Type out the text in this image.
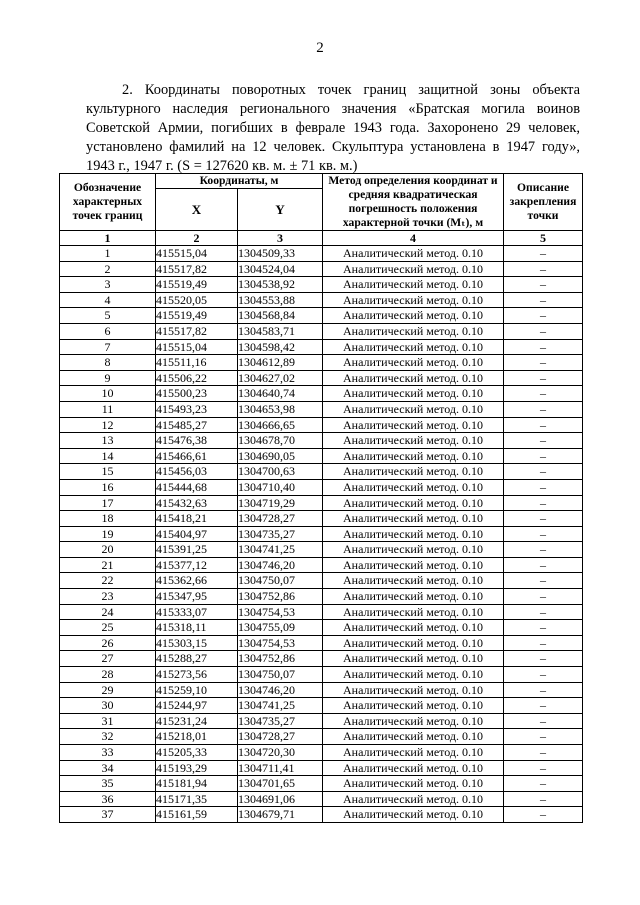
2

2. Координаты поворотных точек границ защитной зоны объекта культурного наследия регионального значения «Братская могила воинов Советской Армии, погибших в феврале 1943 года. Захоронено 29 человек, установлено фамилий на 12 человек. Скульптура установлена в 1947 году», 1943 г., 1947 г. (S = 127620 кв. м. ± 71 кв. м.)

Обозначение характерных точек границ	Координаты, м		Метод определения координат и средняя квадратическая погрешность положения характерной точки (Mₜ), м	Описание закрепления точки
	X	Y		
1	2	3	4	5
1	415515,04	1304509,33	Аналитический метод. 0.10	–
2	415517,82	1304524,04	Аналитический метод. 0.10	–
3	415519,49	1304538,92	Аналитический метод. 0.10	–
4	415520,05	1304553,88	Аналитический метод. 0.10	–
5	415519,49	1304568,84	Аналитический метод. 0.10	–
6	415517,82	1304583,71	Аналитический метод. 0.10	–
7	415515,04	1304598,42	Аналитический метод. 0.10	–
8	415511,16	1304612,89	Аналитический метод. 0.10	–
9	415506,22	1304627,02	Аналитический метод. 0.10	–
10	415500,23	1304640,74	Аналитический метод. 0.10	–
11	415493,23	1304653,98	Аналитический метод. 0.10	–
12	415485,27	1304666,65	Аналитический метод. 0.10	–
13	415476,38	1304678,70	Аналитический метод. 0.10	–
14	415466,61	1304690,05	Аналитический метод. 0.10	–
15	415456,03	1304700,63	Аналитический метод. 0.10	–
16	415444,68	1304710,40	Аналитический метод. 0.10	–
17	415432,63	1304719,29	Аналитический метод. 0.10	–
18	415418,21	1304728,27	Аналитический метод. 0.10	–
19	415404,97	1304735,27	Аналитический метод. 0.10	–
20	415391,25	1304741,25	Аналитический метод. 0.10	–
21	415377,12	1304746,20	Аналитический метод. 0.10	–
22	415362,66	1304750,07	Аналитический метод. 0.10	–
23	415347,95	1304752,86	Аналитический метод. 0.10	–
24	415333,07	1304754,53	Аналитический метод. 0.10	–
25	415318,11	1304755,09	Аналитический метод. 0.10	–
26	415303,15	1304754,53	Аналитический метод. 0.10	–
27	415288,27	1304752,86	Аналитический метод. 0.10	–
28	415273,56	1304750,07	Аналитический метод. 0.10	–
29	415259,10	1304746,20	Аналитический метод. 0.10	–
30	415244,97	1304741,25	Аналитический метод. 0.10	–
31	415231,24	1304735,27	Аналитический метод. 0.10	–
32	415218,01	1304728,27	Аналитический метод. 0.10	–
33	415205,33	1304720,30	Аналитический метод. 0.10	–
34	415193,29	1304711,41	Аналитический метод. 0.10	–
35	415181,94	1304701,65	Аналитический метод. 0.10	–
36	415171,35	1304691,06	Аналитический метод. 0.10	–
37	415161,59	1304679,71	Аналитический метод. 0.10	–
